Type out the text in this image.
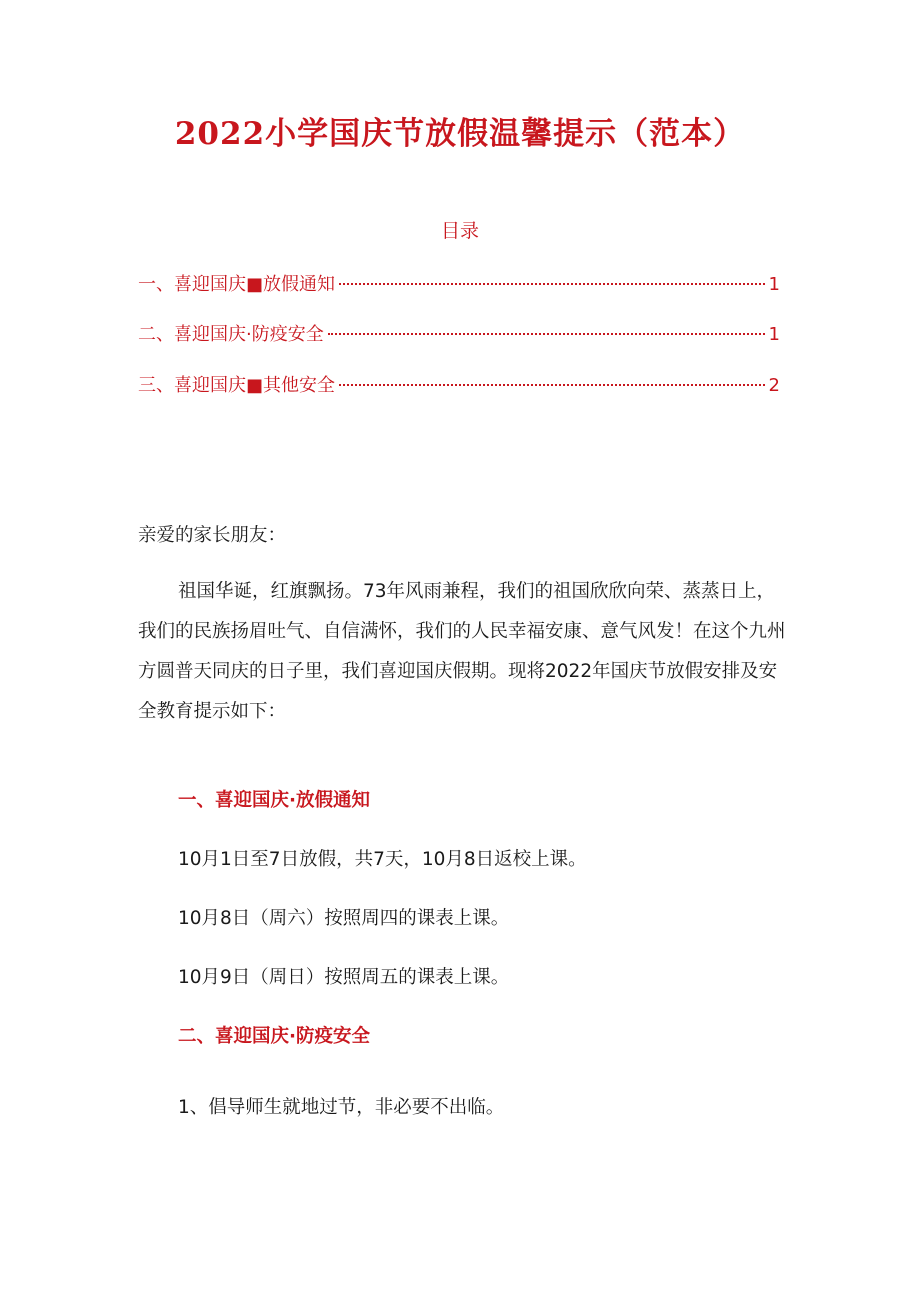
2022小学国庆节放假温馨提示（范本）
目录
一、喜迎国庆■放假通知	1
二、喜迎国庆·防疫安全	1
三、喜迎国庆■其他安全	2

亲爱的家长朋友：

祖国华诞，红旗飘扬。73年风雨兼程，我们的祖国欣欣向荣、蒸蒸日上，我们的民族扬眉吐气、自信满怀，我们的人民幸福安康、意气风发！在这个九州方圆普天同庆的日子里，我们喜迎国庆假期。现将2022年国庆节放假安排及安全教育提示如下：

一、喜迎国庆·放假通知

10月1日至7日放假，共7天，10月8日返校上课。

10月8日（周六）按照周四的课表上课。

10月9日（周日）按照周五的课表上课。

二、喜迎国庆·防疫安全

1、倡导师生就地过节，非必要不出临。
